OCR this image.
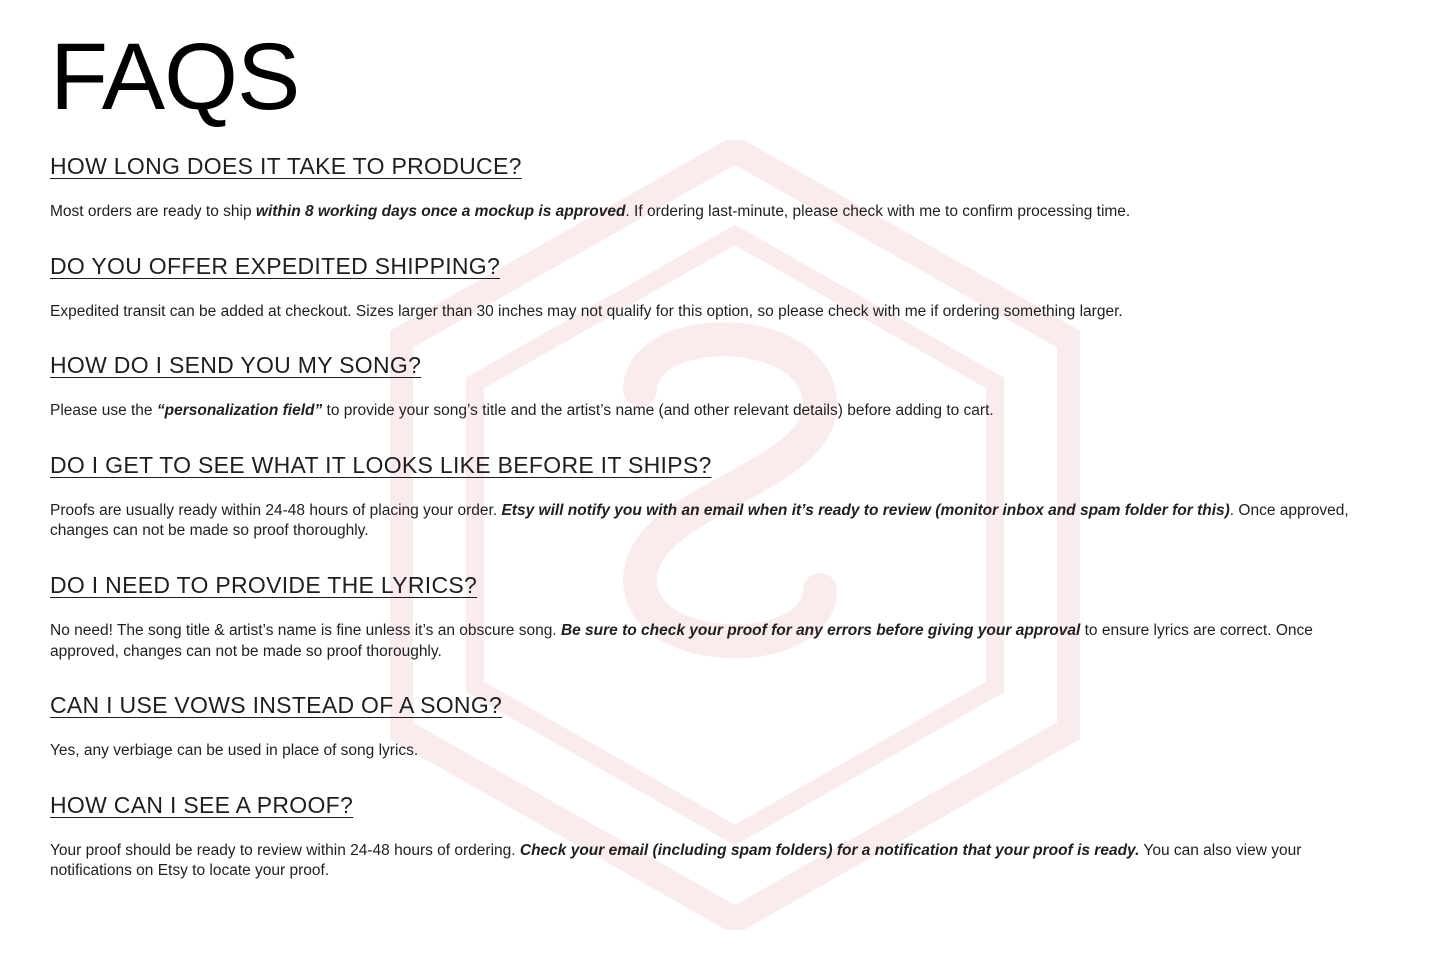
FAQS
HOW LONG DOES IT TAKE TO PRODUCE?

Most orders are ready to ship within 8 working days once a mockup is approved. If ordering last-minute, please check with me to confirm processing time.

DO YOU OFFER EXPEDITED SHIPPING?

Expedited transit can be added at checkout. Sizes larger than 30 inches may not qualify for this option, so please check with me if ordering something larger.

HOW DO I SEND YOU MY SONG?

Please use the “personalization field” to provide your song’s title and the artist’s name (and other relevant details) before adding to cart.

DO I GET TO SEE WHAT IT LOOKS LIKE BEFORE IT SHIPS?

Proofs are usually ready within 24-48 hours of placing your order. Etsy will notify you with an email when it’s ready to review (monitor inbox and spam folder for this). Once approved, changes can not be made so proof thoroughly.

DO I NEED TO PROVIDE THE LYRICS?

No need! The song title & artist’s name is fine unless it’s an obscure song. Be sure to check your proof for any errors before giving your approval to ensure lyrics are correct. Once approved, changes can not be made so proof thoroughly.

CAN I USE VOWS INSTEAD OF A SONG?

Yes, any verbiage can be used in place of song lyrics.

HOW CAN I SEE A PROOF?

Your proof should be ready to review within 24-48 hours of ordering. Check your email (including spam folders) for a notification that your proof is ready. You can also view your notifications on Etsy to locate your proof.
